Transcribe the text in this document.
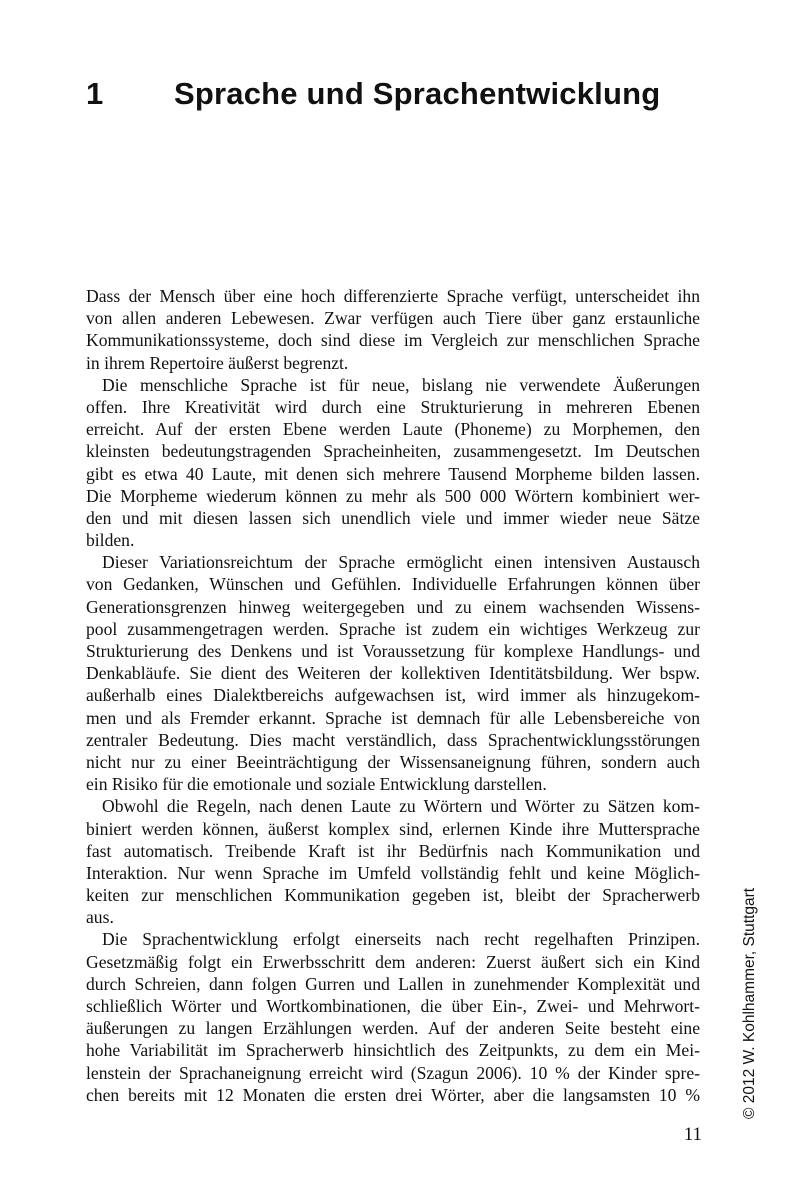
1 Sprache und Sprachentwicklung
Dass der Mensch über eine hoch differenzierte Sprache verfügt, unterscheidet ihn
von allen anderen Lebewesen. Zwar verfügen auch Tiere über ganz erstaunliche
Kommunikationssysteme, doch sind diese im Vergleich zur menschlichen Sprache
in ihrem Repertoire äußerst begrenzt.
Die menschliche Sprache ist für neue, bislang nie verwendete Äußerungen
offen. Ihre Kreativität wird durch eine Strukturierung in mehreren Ebenen
erreicht. Auf der ersten Ebene werden Laute (Phoneme) zu Morphemen, den
kleinsten bedeutungstragenden Spracheinheiten, zusammengesetzt. Im Deutschen
gibt es etwa 40 Laute, mit denen sich mehrere Tausend Morpheme bilden lassen.
Die Morpheme wiederum können zu mehr als 500 000 Wörtern kombiniert wer-
den und mit diesen lassen sich unendlich viele und immer wieder neue Sätze
bilden.
Dieser Variationsreichtum der Sprache ermöglicht einen intensiven Austausch
von Gedanken, Wünschen und Gefühlen. Individuelle Erfahrungen können über
Generationsgrenzen hinweg weitergegeben und zu einem wachsenden Wissens-
pool zusammengetragen werden. Sprache ist zudem ein wichtiges Werkzeug zur
Strukturierung des Denkens und ist Voraussetzung für komplexe Handlungs- und
Denkabläufe. Sie dient des Weiteren der kollektiven Identitätsbildung. Wer bspw.
außerhalb eines Dialektbereichs aufgewachsen ist, wird immer als hinzugekom-
men und als Fremder erkannt. Sprache ist demnach für alle Lebensbereiche von
zentraler Bedeutung. Dies macht verständlich, dass Sprachentwicklungsstörungen
nicht nur zu einer Beeinträchtigung der Wissensaneignung führen, sondern auch
ein Risiko für die emotionale und soziale Entwicklung darstellen.
Obwohl die Regeln, nach denen Laute zu Wörtern und Wörter zu Sätzen kom-
biniert werden können, äußerst komplex sind, erlernen Kinde ihre Muttersprache
fast automatisch. Treibende Kraft ist ihr Bedürfnis nach Kommunikation und
Interaktion. Nur wenn Sprache im Umfeld vollständig fehlt und keine Möglich-
keiten zur menschlichen Kommunikation gegeben ist, bleibt der Spracherwerb
aus.
Die Sprachentwicklung erfolgt einerseits nach recht regelhaften Prinzipen.
Gesetzmäßig folgt ein Erwerbsschritt dem anderen: Zuerst äußert sich ein Kind
durch Schreien, dann folgen Gurren und Lallen in zunehmender Komplexität und
schließlich Wörter und Wortkombinationen, die über Ein-, Zwei- und Mehrwort-
äußerungen zu langen Erzählungen werden. Auf der anderen Seite besteht eine
hohe Variabilität im Spracherwerb hinsichtlich des Zeitpunkts, zu dem ein Mei-
lenstein der Sprachaneignung erreicht wird (Szagun 2006). 10 % der Kinder spre-
chen bereits mit 12 Monaten die ersten drei Wörter, aber die langsamsten 10 %
11
© 2012 W. Kohlhammer, Stuttgart
